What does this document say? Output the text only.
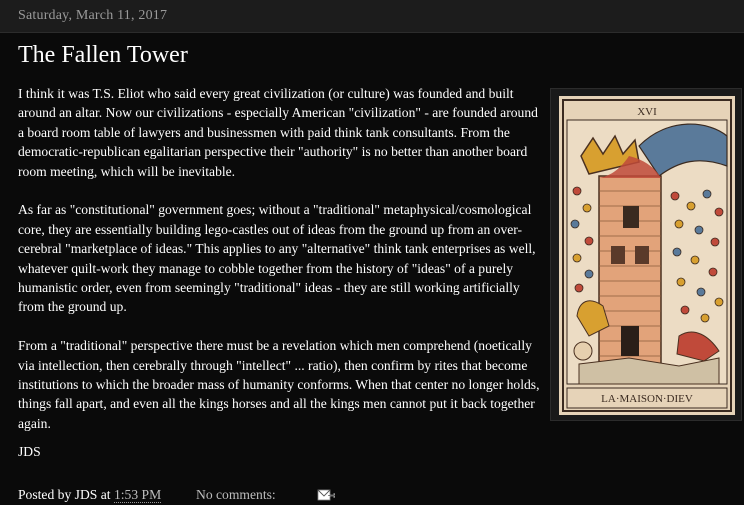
Saturday, March 11, 2017
The Fallen Tower

I think it was T.S. Eliot who said every great civilization (or culture) was founded and built around an altar. Now our civilizations - especially American "civilization" - are founded around a board room table of lawyers and businessmen with paid think tank consultants. From the democratic-republican egalitarian perspective their "authority" is no better than another board room meeting, which will be inevitable.

As far as "constitutional" government goes; without a "traditional" metaphysical/cosmological core, they are essentially building lego-castles out of ideas from the ground up from an over-cerebral "marketplace of ideas." This applies to any "alternative" think tank enterprises as well, whatever quilt-work they manage to cobble together from the history of "ideas" of a purely humanistic order, even from seemingly "traditional" ideas - they are still working artificially from the ground up.

From a "traditional" perspective there must be a revelation which men comprehend (noetically via intellection, then cerebrally through "intellect" ... ratio), then confirm by rites that become institutions to which the broader mass of humanity conforms. When that center no longer holds, things fall apart, and even all the kings horses and all the kings men cannot put it back together again.

JDS
XVI
LA·MAISON·DIEV
Posted by JDS at 1:53 PM	No comments:
